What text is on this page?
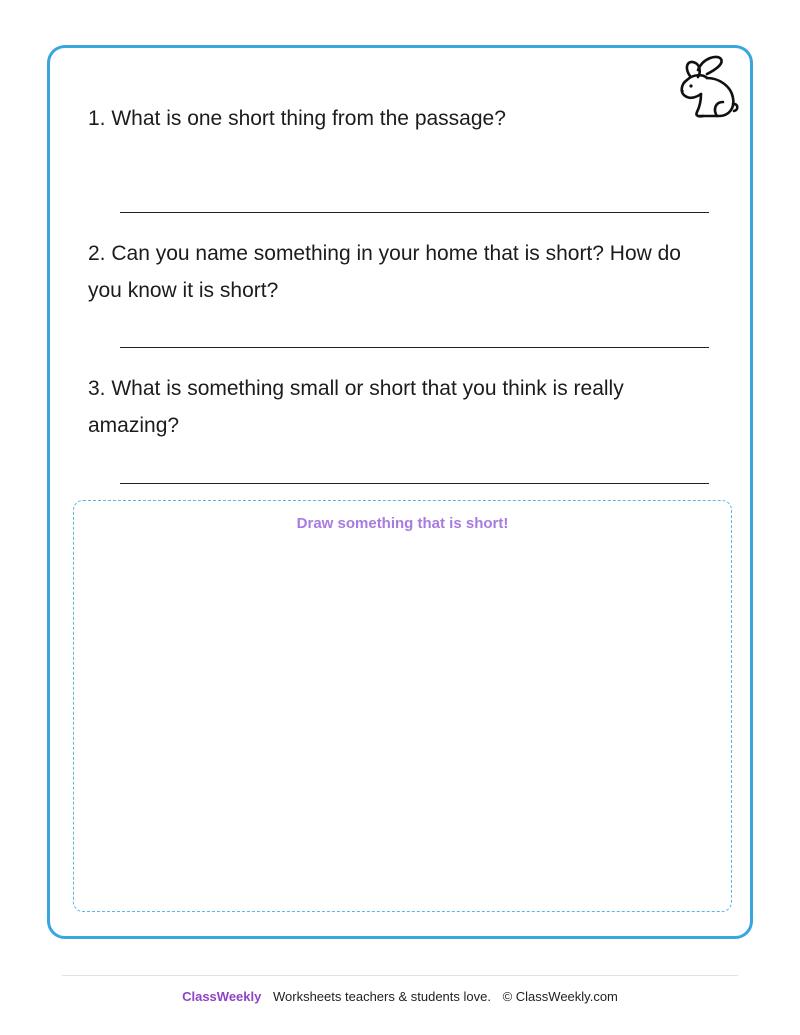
1. What is one short thing from the passage?
2. Can you name something in your home that is short? How do you know it is short?
3. What is something small or short that you think is really amazing?
Draw something that is short!
ClassWeekly Worksheets teachers & students love. © ClassWeekly.com
